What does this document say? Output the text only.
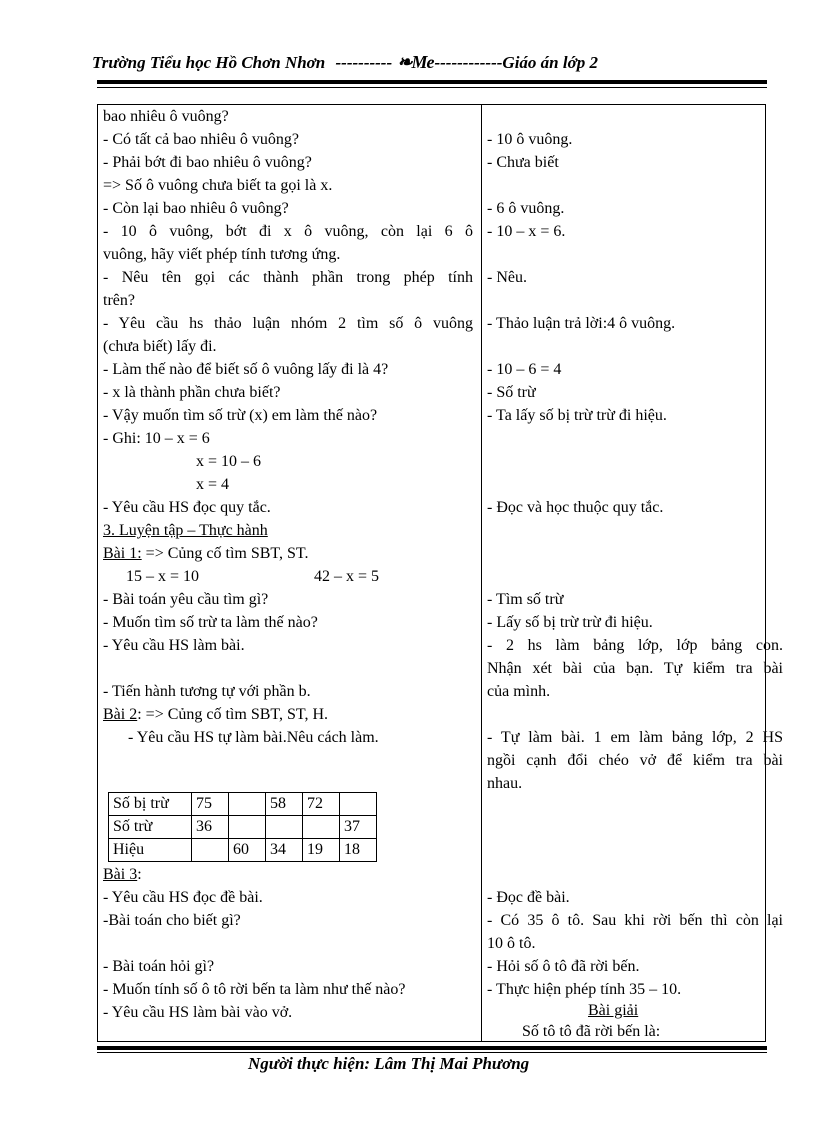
Trường Tiểu học Hồ Chơn Nhơn ---------- ❧Me------------Giáo án lớp 2
bao nhiêu ô vuông?
- Có tất cả bao nhiêu ô vuông?
- Phải bớt đi bao nhiêu ô vuông?
=> Số ô vuông chưa biết ta gọi là x.
- Còn lại bao nhiêu ô vuông?
- 10 ô vuông, bớt đi x ô vuông, còn lại 6 ô
vuông, hãy viết phép tính tương ứng.
- Nêu tên gọi các thành phần trong phép tính
trên?
- Yêu cầu hs thảo luận nhóm 2 tìm số ô vuông
(chưa biết) lấy đi.
- Làm thế nào để biết số ô vuông lấy đi là 4?
- x là thành phần chưa biết?
- Vậy muốn tìm số trừ (x) em làm thế nào?
- Ghi: 10 – x = 6
x = 10 – 6
x = 4
- Yêu cầu HS đọc quy tắc.
3. Luyện tập – Thực hành
Bài 1: => Củng cố tìm SBT, ST.
15 – x = 10	42 – x = 5
- Bài toán yêu cầu tìm gì?
- Muốn tìm số trừ ta làm thế nào?
- Yêu cầu HS làm bài.
- Tiến hành tương tự với phần b.
Bài 2: => Củng cố tìm SBT, ST, H.
- Yêu cầu HS tự làm bài.Nêu cách làm.
Số bị trừ	75		58	72	
Số trừ	36				37
Hiệu		60	34	19	18
Bài 3:
- Yêu cầu HS đọc đề bài.
-Bài toán cho biết gì?
- Bài toán hỏi gì?
- Muốn tính số ô tô rời bến ta làm như thế nào?
- Yêu cầu HS làm bài vào vở.
- 10 ô vuông.
- Chưa biết
- 6 ô vuông.
- 10 – x = 6.
- Nêu.
- Thảo luận trả lời:4 ô vuông.
- 10 – 6 = 4
- Số trừ
- Ta lấy số bị trừ trừ đi hiệu.
- Đọc và học thuộc quy tắc.
- Tìm số trừ
- Lấy số bị trừ trừ đi hiệu.
- 2 hs làm bảng lớp, lớp bảng con.
Nhận xét bài của bạn. Tự kiểm tra bài
của mình.
- Tự làm bài. 1 em làm bảng lớp, 2 HS
ngồi cạnh đổi chéo vở để kiểm tra bài
nhau.
- Đọc đề bài.
- Có 35 ô tô. Sau khi rời bến thì còn lại
10 ô tô.
- Hỏi số ô tô đã rời bến.
- Thực hiện phép tính 35 – 10.
Bài giải
Số tô tô đã rời bến là:
Người thực hiện: Lâm Thị Mai Phương
